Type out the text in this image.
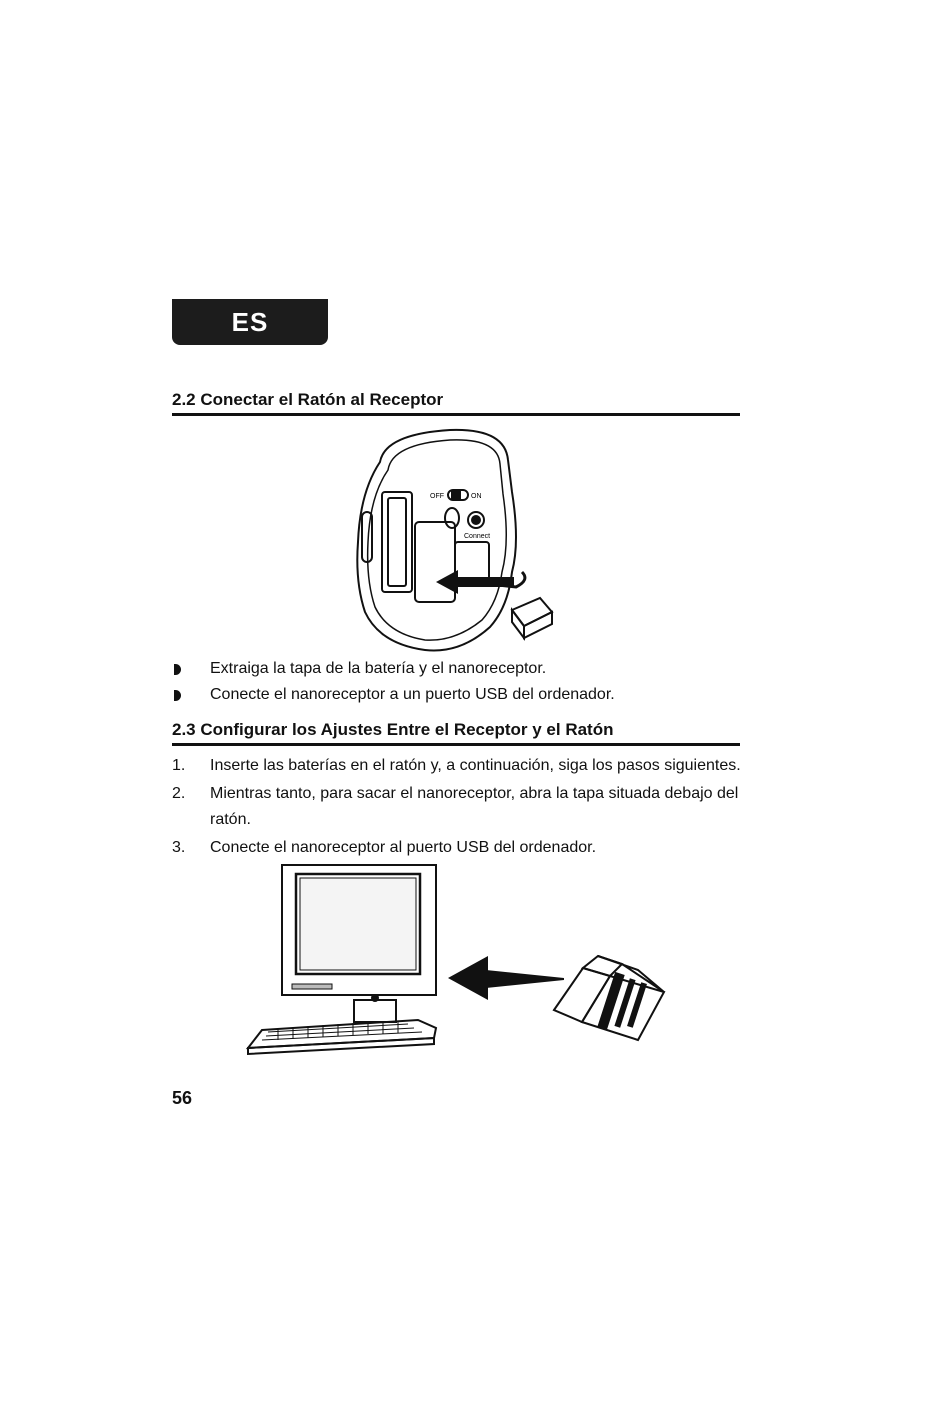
ES
2.2 Conectar el Ratón al Receptor
OFF	ON
Connect
Extraiga la tapa de la batería y el nanoreceptor.
Conecte el nanoreceptor a un puerto USB del ordenador.
2.3 Configurar los Ajustes Entre el Receptor y el Ratón
1. Inserte las baterías en el ratón y, a continuación, siga los pasos siguientes.
2. Mientras tanto, para sacar el nanoreceptor, abra la tapa situada debajo del ratón.
3. Conecte el nanoreceptor al puerto USB del ordenador.
56
